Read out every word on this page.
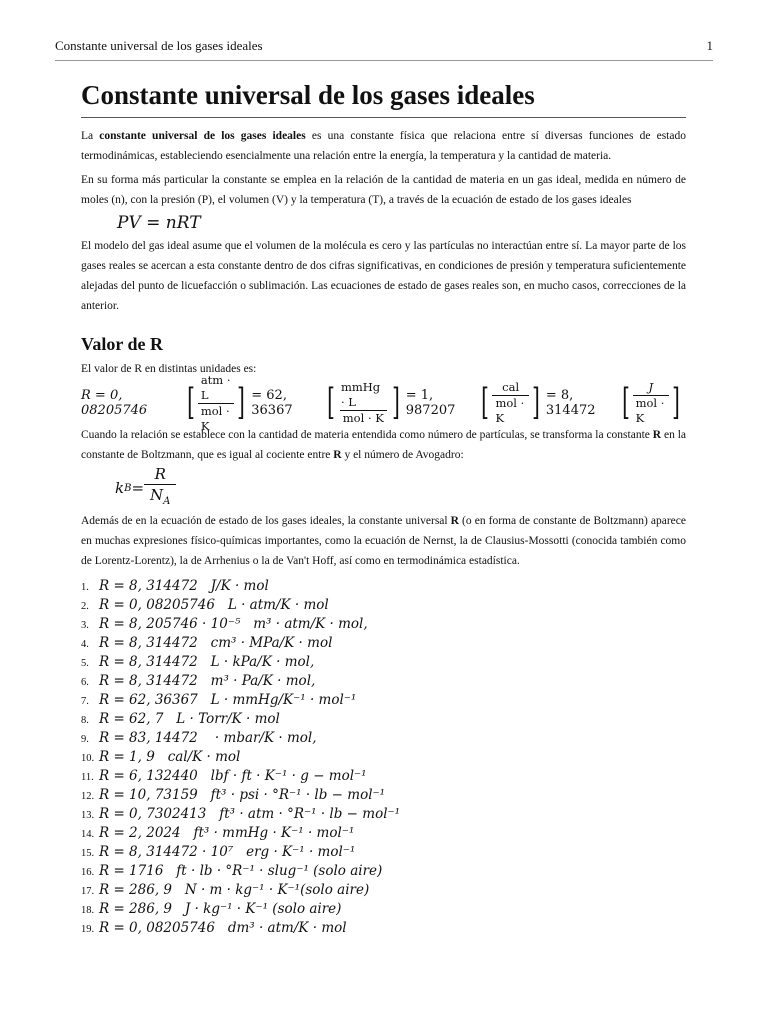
Constante universal de los gases ideales	1
Constante universal de los gases ideales

La constante universal de los gases ideales es una constante física que relaciona entre sí diversas funciones de estado termodinámicas, estableciendo esencialmente una relación entre la energía, la temperatura y la cantidad de materia.

En su forma más particular la constante se emplea en la relación de la cantidad de materia en un gas ideal, medida en número de moles (n), con la presión (P), el volumen (V) y la temperatura (T), a través de la ecuación de estado de los gases ideales

PV = nRT

El modelo del gas ideal asume que el volumen de la molécula es cero y las partículas no interactúan entre sí. La mayor parte de los gases reales se acercan a esta constante dentro de dos cifras significativas, en condiciones de presión y temperatura suficientemente alejadas del punto de licuefacción o sublimación. Las ecuaciones de estado de gases reales son, en mucho casos, correcciones de la anterior.

Valor de R

El valor de R en distintas unidades es:

R = 0, 08205746	[ $\frac{\text{atm · L}}{\text{mol · K}}$ ] = 62, 36367 [ $\frac{\text{mmHg · L}}{\text{mol · K}}$ ] = 1, 987207 [ $\frac{\text{cal}}{\text{mol · K}}$ ] = 8, 314472 [ $\frac{J}{\text{mol · K}}$ ]

Cuando la relación se establece con la cantidad de materia entendida como número de partículas, se transforma la constante R en la constante de Boltzmann, que es igual al cociente entre R y el número de Avogadro:

k $B = \frac{R}{N_A}$

Además de en la ecuación de estado de los gases ideales, la constante universal R (o en forma de constante de Boltzmann) aparece en muchas expresiones físico-químicas importantes, como la ecuación de Nernst, la de Clausius-Mossotti (conocida también como de Lorentz-Lorentz), la de Arrhenius o la de Van't Hoff, así como en termodinámica estadística.

1. R = 8, 314472   J/K · mol
2. R = 0, 08205746   L · atm/K · mol
3. R = 8, 205746 · 10⁻⁵   m³ · atm/K · mol,
4. R = 8, 314472   cm³ · MPa/K · mol
5. R = 8, 314472   L · kPa/K · mol,
6. R = 8, 314472   m³ · Pa/K · mol,
7. R = 62, 36367   L · mmHg/K⁻¹ · mol⁻¹
8. R = 62, 7   L · Torr/K · mol
9. R = 83, 14472    · mbar/K · mol,
10. R = 1, 9   cal/K · mol
11. R = 6, 132440   lbf · ft · K⁻¹ · g − mol⁻¹
12. R = 10, 73159   ft³ · psi · °R⁻¹ · lb − mol⁻¹
13. R = 0, 7302413   ft³ · atm · °R⁻¹ · lb − mol⁻¹
14. R = 2, 2024   ft³ · mmHg · K⁻¹ · mol⁻¹
15. R = 8, 314472 · 10⁷   erg · K⁻¹ · mol⁻¹
16. R = 1716   ft · lb · °R⁻¹ · slug⁻¹ (solo aire)
17. R = 286, 9   N · m · kg⁻¹ · K⁻¹(solo aire)
18. R = 286, 9   J · kg⁻¹ · K⁻¹ (solo aire)
19. R = 0, 08205746   dm³ · atm/K · mol
